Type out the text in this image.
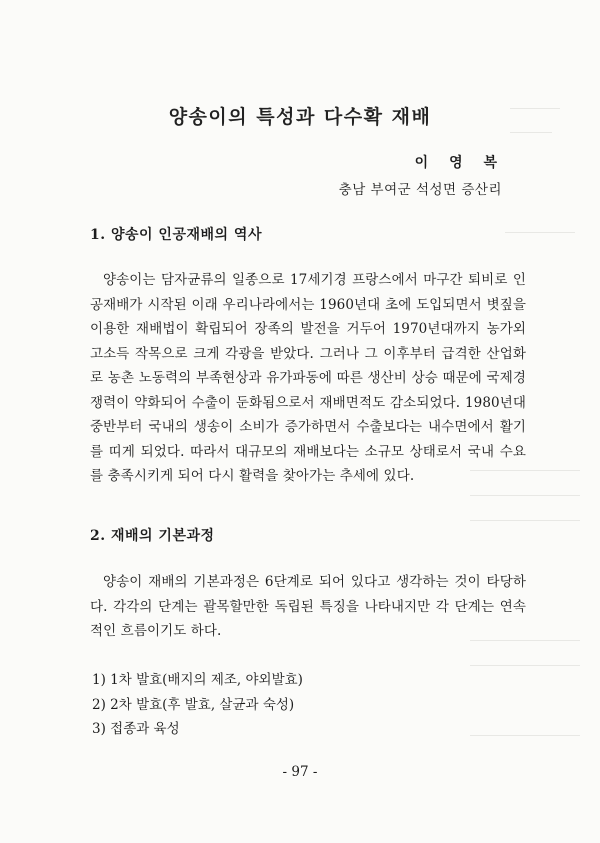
양송이의 특성과 다수확 재배
이 영 복
충남 부여군 석성면 증산리
1. 양송이 인공재배의 역사
양송이는 담자균류의 일종으로 17세기경 프랑스에서 마구간 퇴비로 인공재배가 시작된 이래 우리나라에서는 1960년대 초에 도입되면서 볏짚을 이용한 재배법이 확립되어 장족의 발전을 거두어 1970년대까지 농가외 고소득 작목으로 크게 각광을 받았다. 그러나 그 이후부터 급격한 산업화로 농촌 노동력의 부족현상과 유가파동에 따른 생산비 상승 때문에 국제경쟁력이 약화되어 수출이 둔화됨으로서 재배면적도 감소되었다. 1980년대 중반부터 국내의 생송이 소비가 증가하면서 수출보다는 내수면에서 활기를 띠게 되었다. 따라서 대규모의 재배보다는 소규모 상태로서 국내 수요를 충족시키게 되어 다시 활력을 찾아가는 추세에 있다.
2. 재배의 기본과정
양송이 재배의 기본과정은 6단계로 되어 있다고 생각하는 것이 타당하다. 각각의 단계는 괄목할만한 독립된 특징을 나타내지만 각 단계는 연속적인 흐름이기도 하다.
1) 1차 발효(배지의 제조, 야외발효)
2) 2차 발효(후 발효, 살균과 숙성)
3) 접종과 육성
- 97 -
